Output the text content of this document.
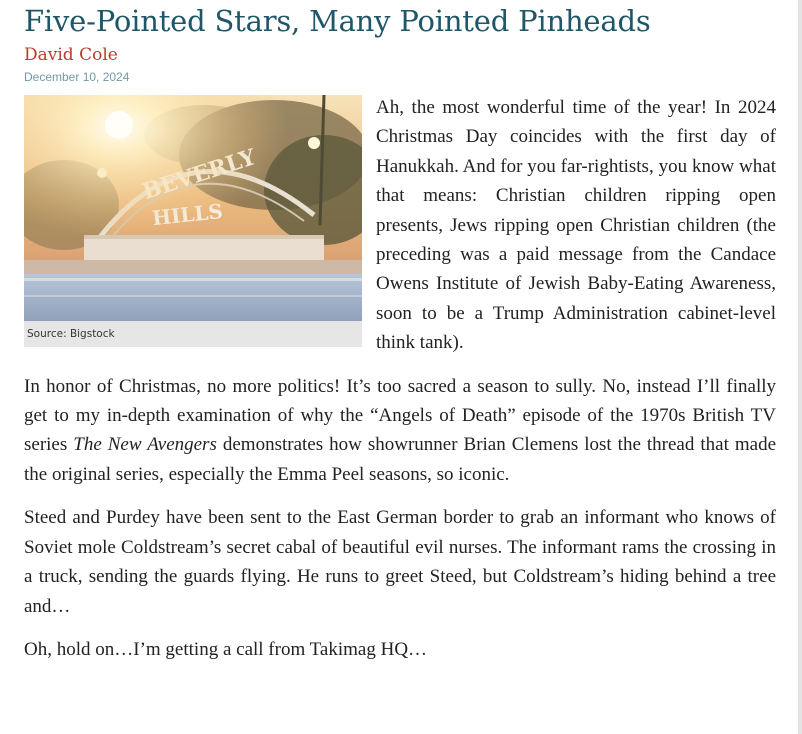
Five-Pointed Stars, Many Pointed Pinheads
David Cole
December 10, 2024
Source: Bigstock

Ah, the most wonderful time of the year! In 2024 Christmas Day coincides with the first day of Hanukkah. And for you far-rightists, you know what that means: Christian children ripping open presents, Jews ripping open Christian children (the preceding was a paid message from the Candace Owens Institute of Jewish Baby-Eating Awareness, soon to be a Trump Administration cabinet-level think tank).

In honor of Christmas, no more politics! It’s too sacred a season to sully. No, instead I’ll finally get to my in-depth examination of why the “Angels of Death” episode of the 1970s British TV series The New Avengers demonstrates how showrunner Brian Clemens lost the thread that made the original series, especially the Emma Peel seasons, so iconic.

Steed and Purdey have been sent to the East German border to grab an informant who knows of Soviet mole Coldstream’s secret cabal of beautiful evil nurses. The informant rams the crossing in a truck, sending the guards flying. He runs to greet Steed, but Coldstream’s hiding behind a tree and…

Oh, hold on…I’m getting a call from Takimag HQ…
